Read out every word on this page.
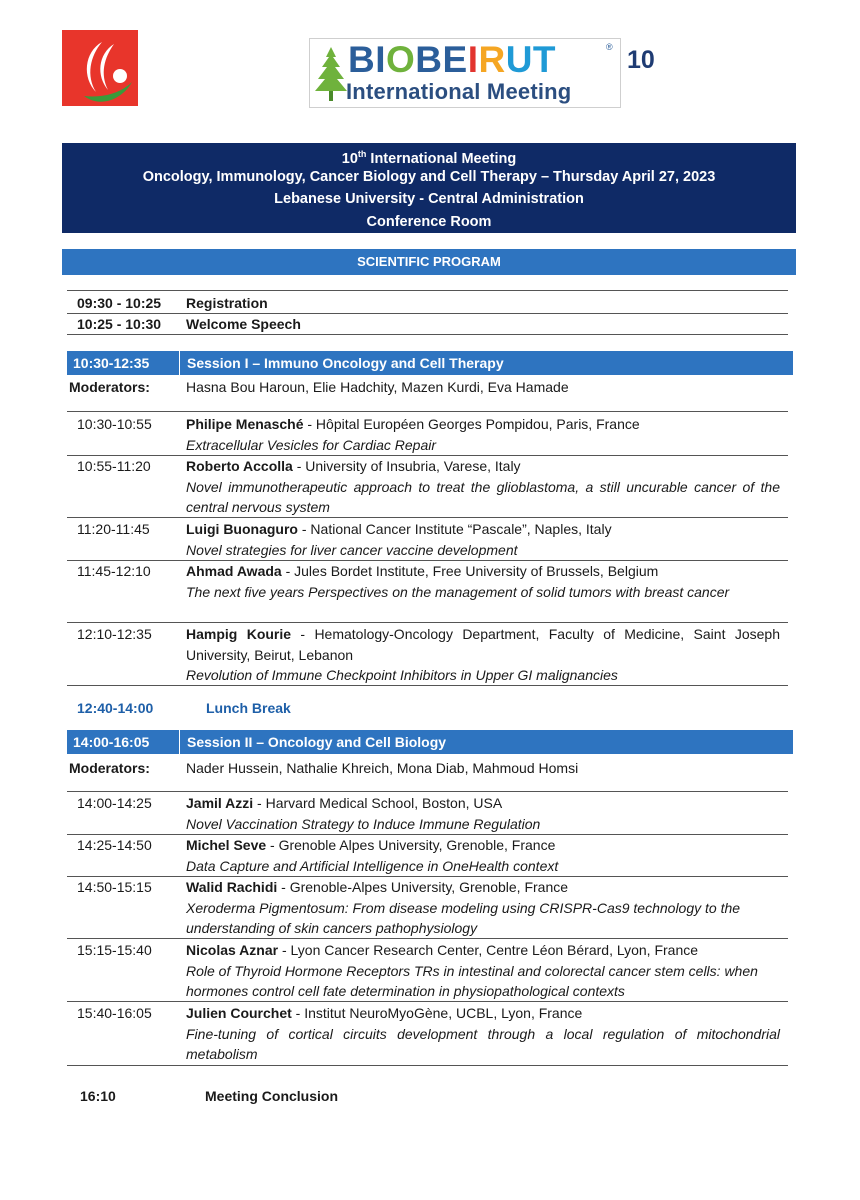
BIOBEIRUT	®
International Meeting
10
10th International Meeting
Oncology, Immunology, Cancer Biology and Cell Therapy – Thursday April 27, 2023
Lebanese University - Central Administration
Conference Room
SCIENTIFIC PROGRAM
09:30 - 10:25 Registration
10:25 - 10:30 Welcome Speech
10:30-12:35	Session I – Immuno Oncology and Cell Therapy
Moderators:	Hasna Bou Haroun, Elie Hadchity, Mazen Kurdi, Eva Hamade
10:30-10:55 Philipe Menasché - Hôpital Européen Georges Pompidou, Paris, France
Extracellular Vesicles for Cardiac Repair
10:55-11:20	Roberto Accolla - University of Insubria, Varese, Italy
Novel immunotherapeutic approach to treat the glioblastoma, a still uncurable cancer of the central nervous system
11:20-11:45	Luigi Buonaguro - National Cancer Institute “Pascale”, Naples, Italy
Novel strategies for liver cancer vaccine development
11:45-12:10	Ahmad Awada - Jules Bordet Institute, Free University of Brussels, Belgium
The next five years Perspectives on the management of solid tumors with breast cancer
12:10-12:35 Hampig Kourie - Hematology-Oncology Department, Faculty of Medicine, Saint Joseph University, Beirut, Lebanon
Revolution of Immune Checkpoint Inhibitors in Upper GI malignancies
12:40-14:00	Lunch Break
14:00-16:05	Session II – Oncology and Cell Biology
Moderators:	Nader Hussein, Nathalie Khreich, Mona Diab, Mahmoud Homsi
14:00-14:25 Jamil Azzi - Harvard Medical School, Boston, USA
Novel Vaccination Strategy to Induce Immune Regulation
14:25-14:50 Michel Seve - Grenoble Alpes University, Grenoble, France
Data Capture and Artificial Intelligence in OneHealth context
14:50-15:15 Walid Rachidi - Grenoble-Alpes University, Grenoble, France
Xeroderma Pigmentosum: From disease modeling using CRISPR-Cas9 technology to the understanding of skin cancers pathophysiology
15:15-15:40 Nicolas Aznar - Lyon Cancer Research Center, Centre Léon Bérard, Lyon, France
Role of Thyroid Hormone Receptors TRs in intestinal and colorectal cancer stem cells: when hormones control cell fate determination in physiopathological contexts
15:40-16:05 Julien Courchet - Institut NeuroMyoGène, UCBL, Lyon, France
Fine-tuning of cortical circuits development through a local regulation of mitochondrial metabolism
16:10	Meeting Conclusion
